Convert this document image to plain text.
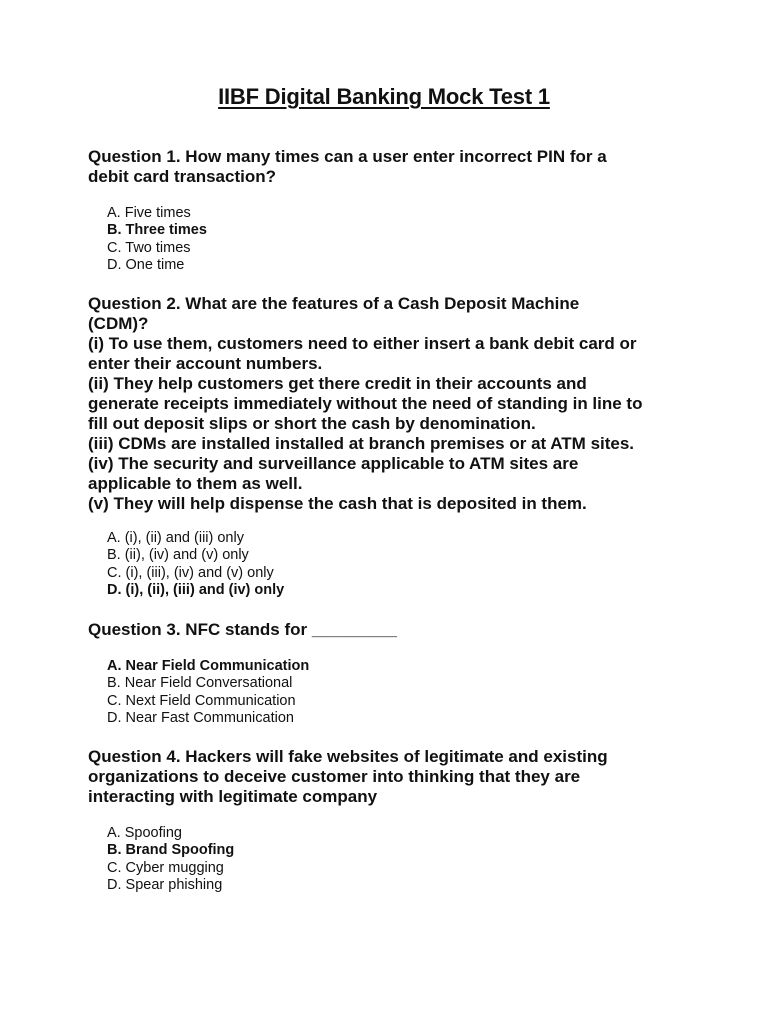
IIBF Digital Banking Mock Test 1
Question 1. How many times can a user enter incorrect PIN for a
debit card transaction?
A. Five times
B. Three times
C. Two times
D. One time
Question 2. What are the features of a Cash Deposit Machine
(CDM)?
(i) To use them, customers need to either insert a bank debit card or
enter their account numbers.
(ii) They help customers get there credit in their accounts and
generate receipts immediately without the need of standing in line to
fill out deposit slips or short the cash by denomination.
(iii) CDMs are installed installed at branch premises or at ATM sites.
(iv) The security and surveillance applicable to ATM sites are
applicable to them as well.
(v) They will help dispense the cash that is deposited in them.
A. (i), (ii) and (iii) only
B. (ii), (iv) and (v) only
C. (i), (iii), (iv) and (v) only
D. (i), (ii), (iii) and (iv) only
Question 3. NFC stands for _________
A. Near Field Communication
B. Near Field Conversational
C. Next Field Communication
D. Near Fast Communication
Question 4. Hackers will fake websites of legitimate and existing
organizations to deceive customer into thinking that they are
interacting with legitimate company
A. Spoofing
B. Brand Spoofing
C. Cyber mugging
D. Spear phishing
